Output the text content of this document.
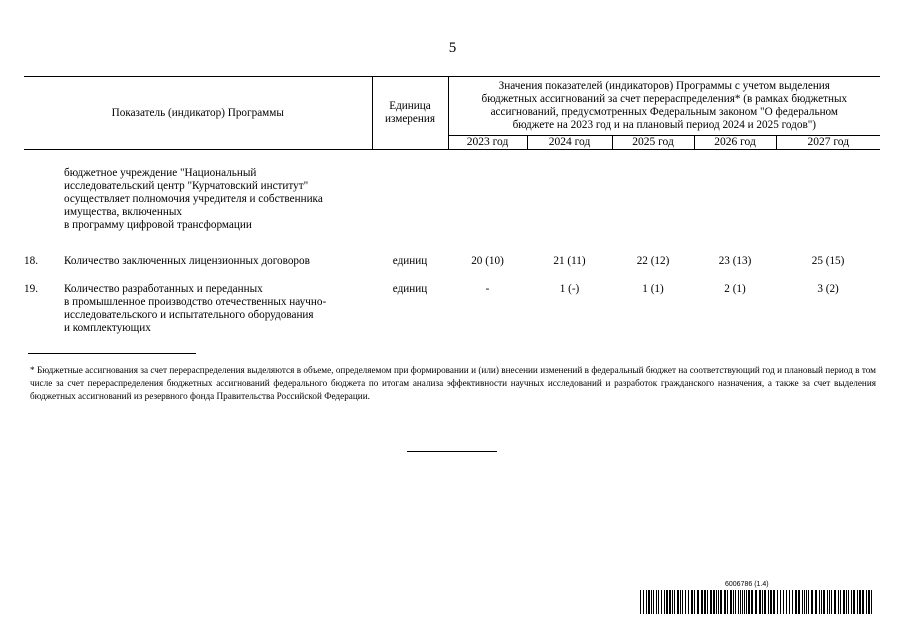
5
Показатель (индикатор) Программы		Единица
измерения	Значения показателей (индикаторов) Программы с учетом выделения
бюджетных ассигнований за счет перераспределения* (в рамках бюджетных
ассигнований, предусмотренных Федеральным законом "О федеральном
бюджете на 2023 год и на плановый период 2024 и 2025 годов")				

			2023 год	2024 год	2025 год	2026 год	2027 год

	бюджетное учреждение "Национальный
исследовательский центр "Курчатовский институт"
осуществляет полномочия учредителя и собственника
имущества, включенных
в программу цифровой трансформации						

18.	Количество заключенных лицензионных договоров	единиц	20 (10)	21 (11)	22 (12)	23 (13)	25 (15)
19.	Количество разработанных и переданных
в промышленное производство отечественных научно-
исследовательского и испытательного оборудования
и комплектующих	единиц	-	1 (-)	1 (1)	2 (1)	3 (2)
* Бюджетные ассигнования за счет перераспределения выделяются в объеме, определяемом при формировании и (или) внесении изменений в федеральный бюджет на соответствующий год и плановый период в том числе за счет перераспределения бюджетных ассигнований федерального бюджета по итогам анализа эффективности научных исследований и разработок гражданского назначения, а также за счет выделения бюджетных ассигнований из резервного фонда Правительства Российской Федерации.
6006786 (1.4)
